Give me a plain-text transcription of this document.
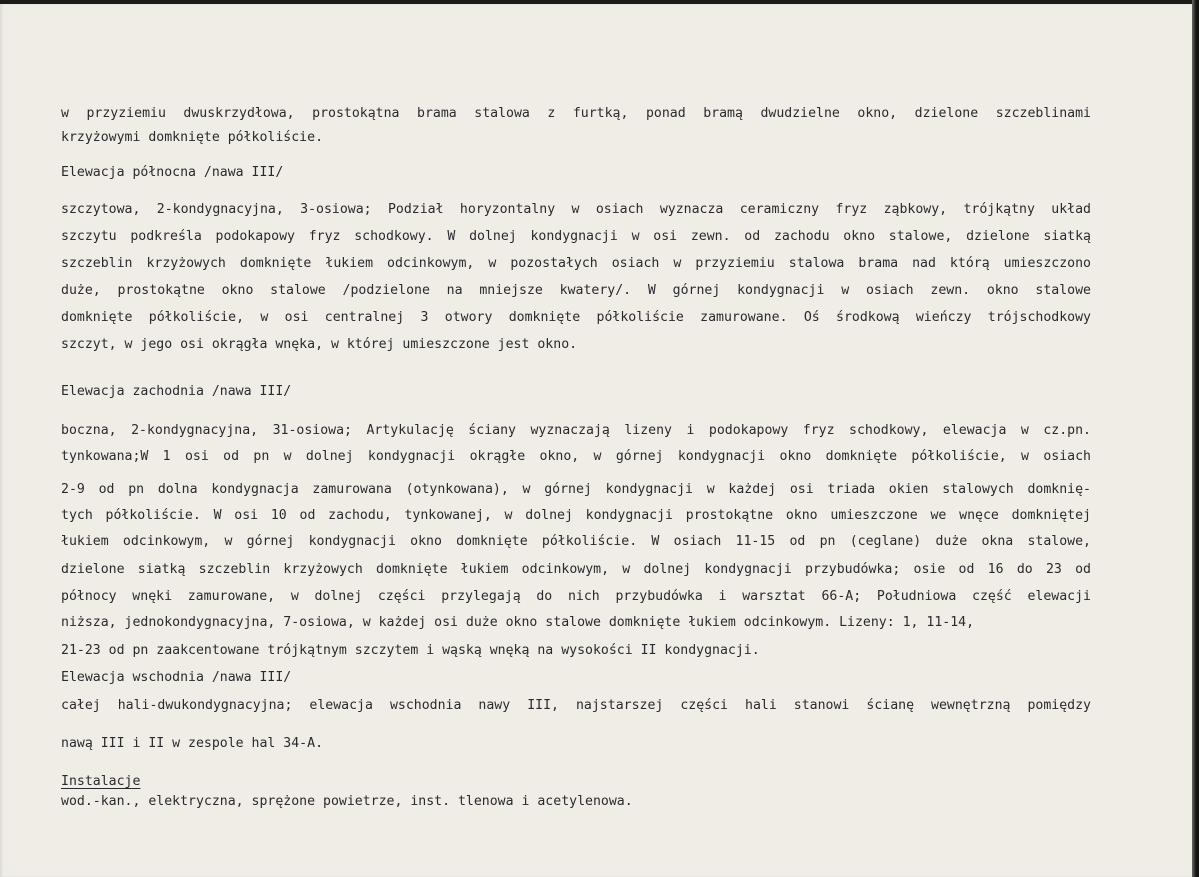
w przyziemiu dwuskrzydłowa, prostokątna brama stalowa z furtką, ponad bramą dwudzielne okno, dzielone szczeblinami
krzyżowymi domknięte półkoliście.
Elewacja północna /nawa III/
szczytowa, 2-kondygnacyjna, 3-osiowa; Podział horyzontalny w osiach wyznacza ceramiczny fryz ząbkowy, trójkątny układ
szczytu podkreśla podokapowy fryz schodkowy. W dolnej kondygnacji w osi zewn. od zachodu okno stalowe, dzielone siatką
szczeblin krzyżowych domknięte łukiem odcinkowym, w pozostałych osiach w przyziemiu stalowa brama nad którą umieszczono
duże, prostokątne okno stalowe /podzielone na mniejsze kwatery/. W górnej kondygnacji w osiach zewn. okno stalowe
domknięte półkoliście, w osi centralnej 3 otwory domknięte półkoliście zamurowane. Oś środkową wieńczy trójschodkowy
szczyt, w jego osi okrągła wnęka, w której umieszczone jest okno.
Elewacja zachodnia /nawa III/
boczna, 2-kondygnacyjna, 31-osiowa; Artykulację ściany wyznaczają lizeny i podokapowy fryz schodkowy, elewacja w cz.pn.
tynkowana;W 1 osi od pn w dolnej kondygnacji okrągłe okno, w górnej kondygnacji okno domknięte półkoliście, w osiach
2-9 od pn dolna kondygnacja zamurowana (otynkowana), w górnej kondygnacji w każdej osi triada okien stalowych domknię-
tych półkoliście. W osi 10 od zachodu, tynkowanej, w dolnej kondygnacji prostokątne okno umieszczone we wnęce domkniętej
łukiem odcinkowym, w górnej kondygnacji okno domknięte półkoliście. W osiach 11-15 od pn (ceglane) duże okna stalowe,
dzielone siatką szczeblin krzyżowych domknięte łukiem odcinkowym, w dolnej kondygnacji przybudówka; osie od 16 do 23 od
północy wnęki zamurowane, w dolnej części przylegają do nich przybudówka i warsztat 66-A; Południowa część elewacji
niższa, jednokondygnacyjna, 7-osiowa, w każdej osi duże okno stalowe domknięte łukiem odcinkowym. Lizeny: 1, 11-14,
21-23 od pn zaakcentowane trójkątnym szczytem i wąską wnęką na wysokości II kondygnacji.
Elewacja wschodnia /nawa III/
całej hali-dwukondygnacyjna; elewacja wschodnia nawy III, najstarszej części hali stanowi ścianę wewnętrzną pomiędzy
nawą III i II w zespole hal 34-A.
Instalacje
wod.-kan., elektryczna, sprężone powietrze, inst. tlenowa i acetylenowa.
